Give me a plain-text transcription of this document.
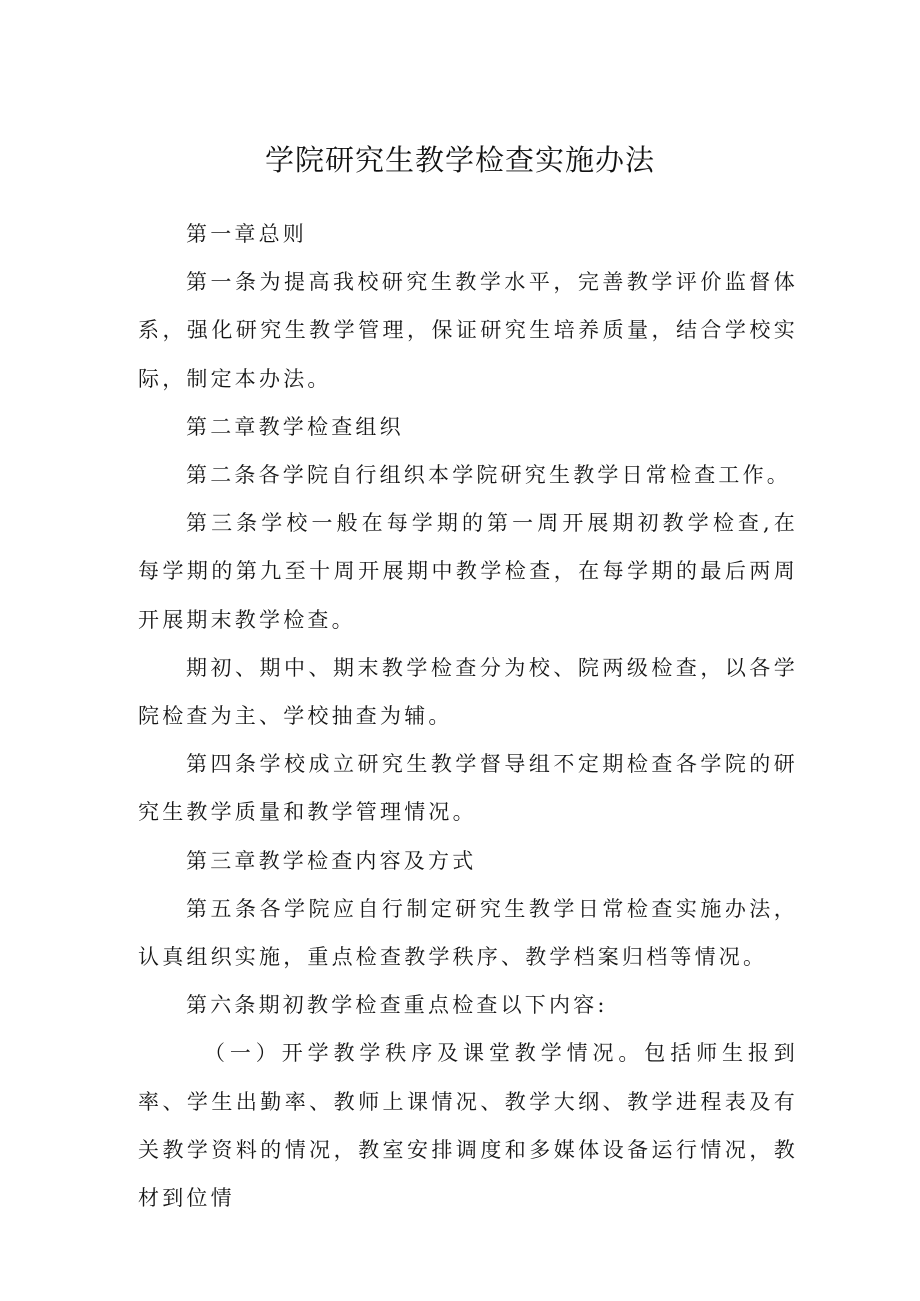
学院研究生教学检查实施办法

第一章总则

第一条为提高我校研究生教学水平，完善教学评价监督体系，强化研究生教学管理，保证研究生培养质量，结合学校实际，制定本办法。

第二章教学检查组织

第二条各学院自行组织本学院研究生教学日常检查工作。

第三条学校一般在每学期的第一周开展期初教学检查,在每学期的第九至十周开展期中教学检查，在每学期的最后两周开展期末教学检查。

期初、期中、期末教学检查分为校、院两级检查，以各学院检查为主、学校抽查为辅。

第四条学校成立研究生教学督导组不定期检查各学院的研究生教学质量和教学管理情况。

第三章教学检查内容及方式

第五条各学院应自行制定研究生教学日常检查实施办法，认真组织实施，重点检查教学秩序、教学档案归档等情况。

第六条期初教学检查重点检查以下内容:

（一）开学教学秩序及课堂教学情况。包括师生报到率、学生出勤率、教师上课情况、教学大纲、教学进程表及有关教学资料的情况，教室安排调度和多媒体设备运行情况，教材到位情
